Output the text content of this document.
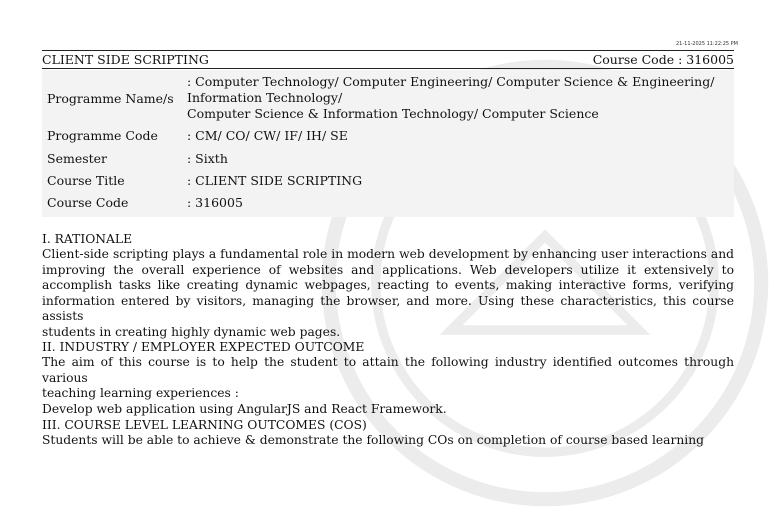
21-11-2025 11:22:25 PM
CLIENT SIDE SCRIPTING	Course Code : 316005
Programme Name/s
: Computer Technology/ Computer Engineering/ Computer Science & Engineering/
Information Technology/
Computer Science & Information Technology/ Computer Science
Programme Code : CM/ CO/ CW/ IF/ IH/ SE
Semester	: Sixth
Course Title	: CLIENT SIDE SCRIPTING
Course Code	: 316005
I. RATIONALE
Client-side scripting plays a fundamental role in modern web development by enhancing user interactions and
improving the overall experience of websites and applications. Web developers utilize it extensively to
accomplish tasks like creating dynamic webpages, reacting to events, making interactive forms, verifying
information entered by visitors, managing the browser, and more. Using these characteristics, this course assists
students in creating highly dynamic web pages.
II. INDUSTRY / EMPLOYER EXPECTED OUTCOME
The aim of this course is to help the student to attain the following industry identified outcomes through various
teaching learning experiences :
Develop web application using AngularJS and React Framework.
III. COURSE LEVEL LEARNING OUTCOMES (COS)
Students will be able to achieve & demonstrate the following COs on completion of course based learning
